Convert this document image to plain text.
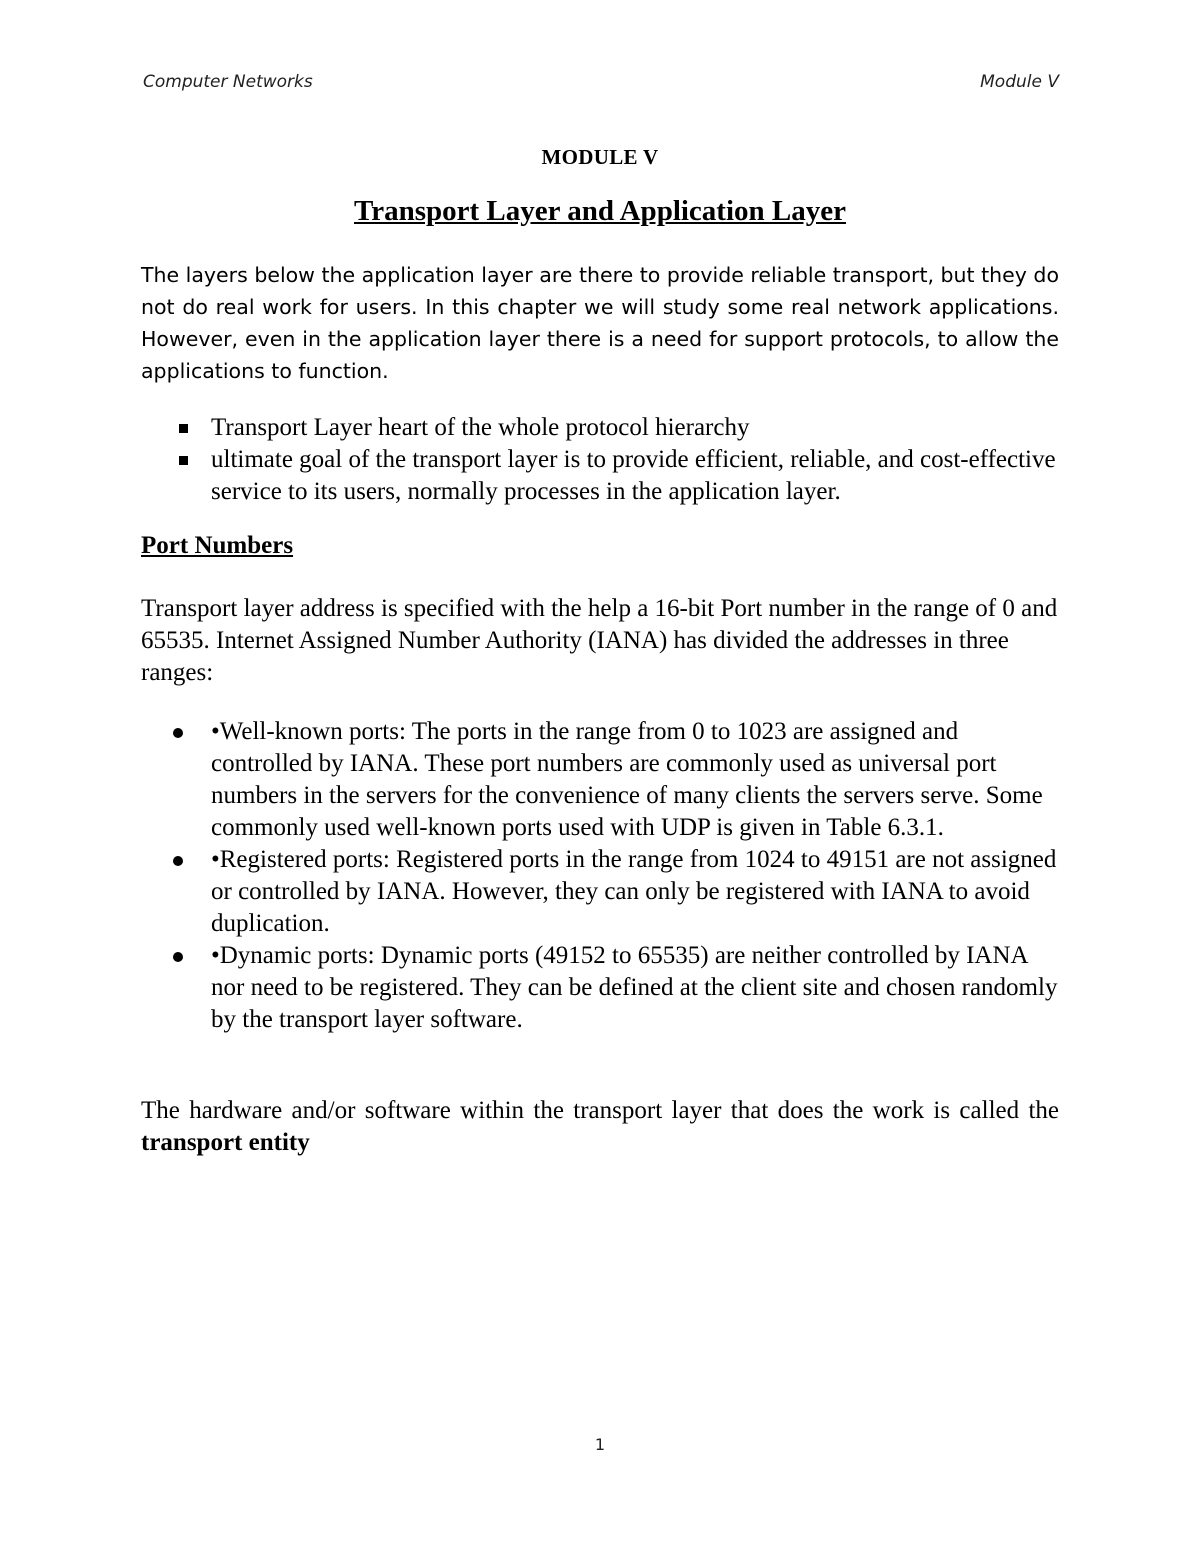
Computer Networks	Module V
MODULE V
Transport Layer and Application Layer

The layers below the application layer are there to provide reliable transport, but they do not do real work for users. In this chapter we will study some real network applications. However, even in the application layer there is a need for support protocols, to allow the applications to function.

Transport Layer heart of the whole protocol hierarchy
ultimate goal of the transport layer is to provide efficient, reliable, and cost-effective service to its users, normally processes in the application layer.
Port Numbers

Transport layer address is specified with the help a 16-bit Port number in the range of 0 and 65535. Internet Assigned Number Authority (IANA) has divided the addresses in three ranges:

•Well-known ports: The ports in the range from 0 to 1023 are assigned and controlled by IANA. These port numbers are commonly used as universal port numbers in the servers for the convenience of many clients the servers serve. Some commonly used well-known ports used with UDP is given in Table 6.3.1.
•Registered ports: Registered ports in the range from 1024 to 49151 are not assigned or controlled by IANA. However, they can only be registered with IANA to avoid duplication.
•Dynamic ports: Dynamic ports (49152 to 65535) are neither controlled by IANA nor need to be registered. They can be defined at the client site and chosen randomly by the transport layer software.

The hardware and/or software within the transport layer that does the work is called the transport entity

1
